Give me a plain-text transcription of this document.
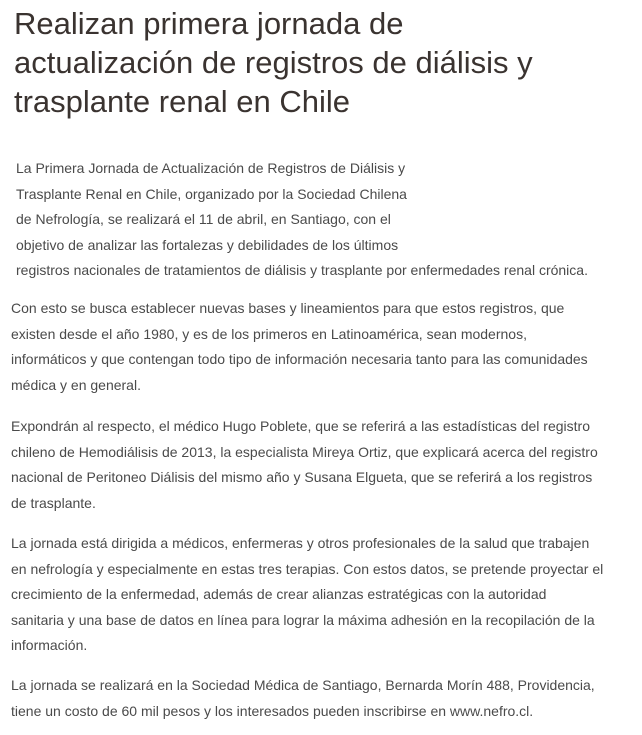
Realizan primera jornada de
actualización de registros de diálisis y
trasplante renal en Chile

La Primera Jornada de Actualización de Registros de Diálisis y
Trasplante Renal en Chile, organizado por la Sociedad Chilena
de Nefrología, se realizará el 11 de abril, en Santiago, con el
objetivo de analizar las fortalezas y debilidades de los últimos
registros nacionales de tratamientos de diálisis y trasplante por enfermedades renal crónica.

Con esto se busca establecer nuevas bases y lineamientos para que estos registros, que
existen desde el año 1980, y es de los primeros en Latinoamérica, sean modernos,
informáticos y que contengan todo tipo de información necesaria tanto para las comunidades
médica y en general.

Expondrán al respecto, el médico Hugo Poblete, que se referirá a las estadísticas del registro
chileno de Hemodiálisis de 2013, la especialista Mireya Ortiz, que explicará acerca del registro
nacional de Peritoneo Diálisis del mismo año y Susana Elgueta, que se referirá a los registros
de trasplante.

La jornada está dirigida a médicos, enfermeras y otros profesionales de la salud que trabajen
en nefrología y especialmente en estas tres terapias. Con estos datos, se pretende proyectar el
crecimiento de la enfermedad, además de crear alianzas estratégicas con la autoridad
sanitaria y una base de datos en línea para lograr la máxima adhesión en la recopilación de la
información.

La jornada se realizará en la Sociedad Médica de Santiago, Bernarda Morín 488, Providencia,
tiene un costo de 60 mil pesos y los interesados pueden inscribirse en www.nefro.cl.
